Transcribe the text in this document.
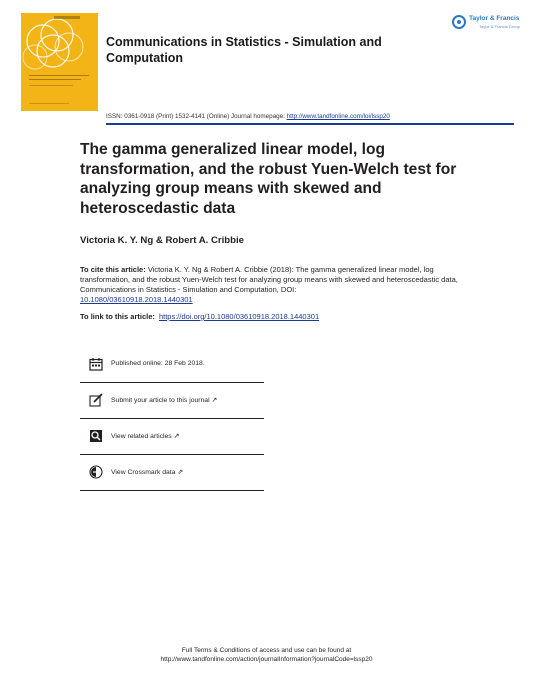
Taylor & Francis
Taylor & Francis Group
Communications in Statistics - Simulation and Computation
ISSN: 0361-0918 (Print) 1532-4141 (Online) Journal homepage: http://www.tandfonline.com/loi/lssp20
The gamma generalized linear model, log transformation, and the robust Yuen-Welch test for analyzing group means with skewed and heteroscedastic data
Victoria K. Y. Ng & Robert A. Cribbie
To cite this article: Victoria K. Y. Ng & Robert A. Cribbie (2018): The gamma generalized linear model, log transformation, and the robust Yuen-Welch test for analyzing group means with skewed and heteroscedastic data, Communications in Statistics - Simulation and Computation, DOI:
10.1080/03610918.2018.1440301
To link to this article: https://doi.org/10.1080/03610918.2018.1440301
Published online: 28 Feb 2018.
Submit your article to this journal ↗
View related articles ↗
View Crossmark data ⇗
Full Terms & Conditions of access and use can be found at
http://www.tandfonline.com/action/journalInformation?journalCode=lssp20
